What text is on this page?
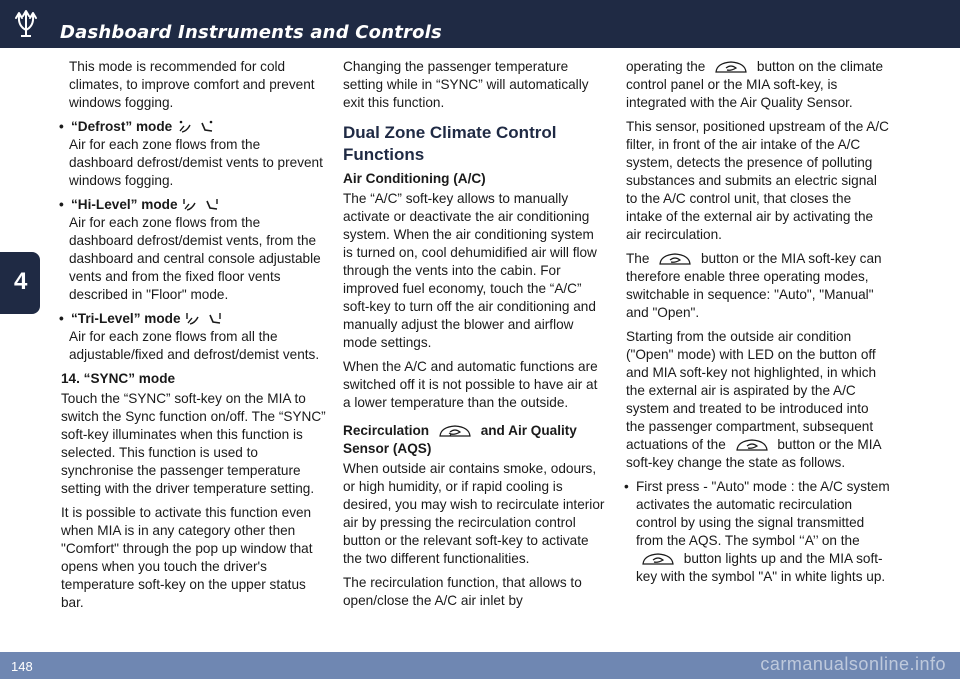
Dashboard Instruments and Controls
4
This mode is recommended for cold climates, to improve comfort and prevent windows fogging.
• “Defrost” mode
Air for each zone flows from the dashboard defrost/demist vents to prevent windows fogging.
• “Hi-Level” mode
Air for each zone flows from the dashboard defrost/demist vents, from the dashboard and central console adjustable vents and from the fixed floor vents described in "Floor" mode.
• “Tri-Level” mode
Air for each zone flows from all the adjustable/fixed and defrost/demist vents.
14. “SYNC” mode
Touch the “SYNC” soft-key on the MIA to switch the Sync function on/off. The “SYNC” soft-key illuminates when this function is selected. This function is used to synchronise the passenger temperature setting with the driver temperature setting.
It is possible to activate this function even when MIA is in any category other then "Comfort" through the pop up window that opens when you touch the driver's temperature soft-key on the upper status bar.
Changing the passenger temperature setting while in “SYNC” will automatically exit this function.
Dual Zone Climate Control Functions
Air Conditioning (A/C)
The “A/C” soft-key allows to manually activate or deactivate the air conditioning system. When the air conditioning system is turned on, cool dehumidified air will flow through the vents into the cabin. For improved fuel economy, touch the “A/C” soft-key to turn off the air conditioning and manually adjust the blower and airflow mode settings.
When the A/C and automatic functions are switched off it is not possible to have air at a lower temperature than the outside.
Recirculation	and Air Quality Sensor (AQS)
When outside air contains smoke, odours, or high humidity, or if rapid cooling is desired, you may wish to recirculate interior air by pressing the recirculation control button or the relevant soft-key to activate the two different functionalities.
The recirculation function, that allows to open/close the A/C air inlet by
operating the	button on the climate control panel or the MIA soft-key, is integrated with the Air Quality Sensor.
This sensor, positioned upstream of the A/C filter, in front of the air intake of the A/C system, detects the presence of polluting substances and submits an electric signal to the A/C control unit, that closes the intake of the external air by activating the air recirculation.
The	button or the MIA soft-key can therefore enable three operating modes, switchable in sequence: "Auto", "Manual" and "Open".
Starting from the outside air condition ("Open" mode) with LED on the button off and MIA soft-key not highlighted, in which the external air is aspirated by the A/C system and treated to be introduced into the passenger compartment, subsequent actuations of the	button or the MIA soft-key change the state as follows.
• First press - "Auto" mode : the A/C system activates the automatic recirculation control by using the signal transmitted from the AQS. The symbol ‘‘A’’ on the  button lights up and the MIA soft-key with the symbol "A" in white lights up.
148	carmanualsonline.info
